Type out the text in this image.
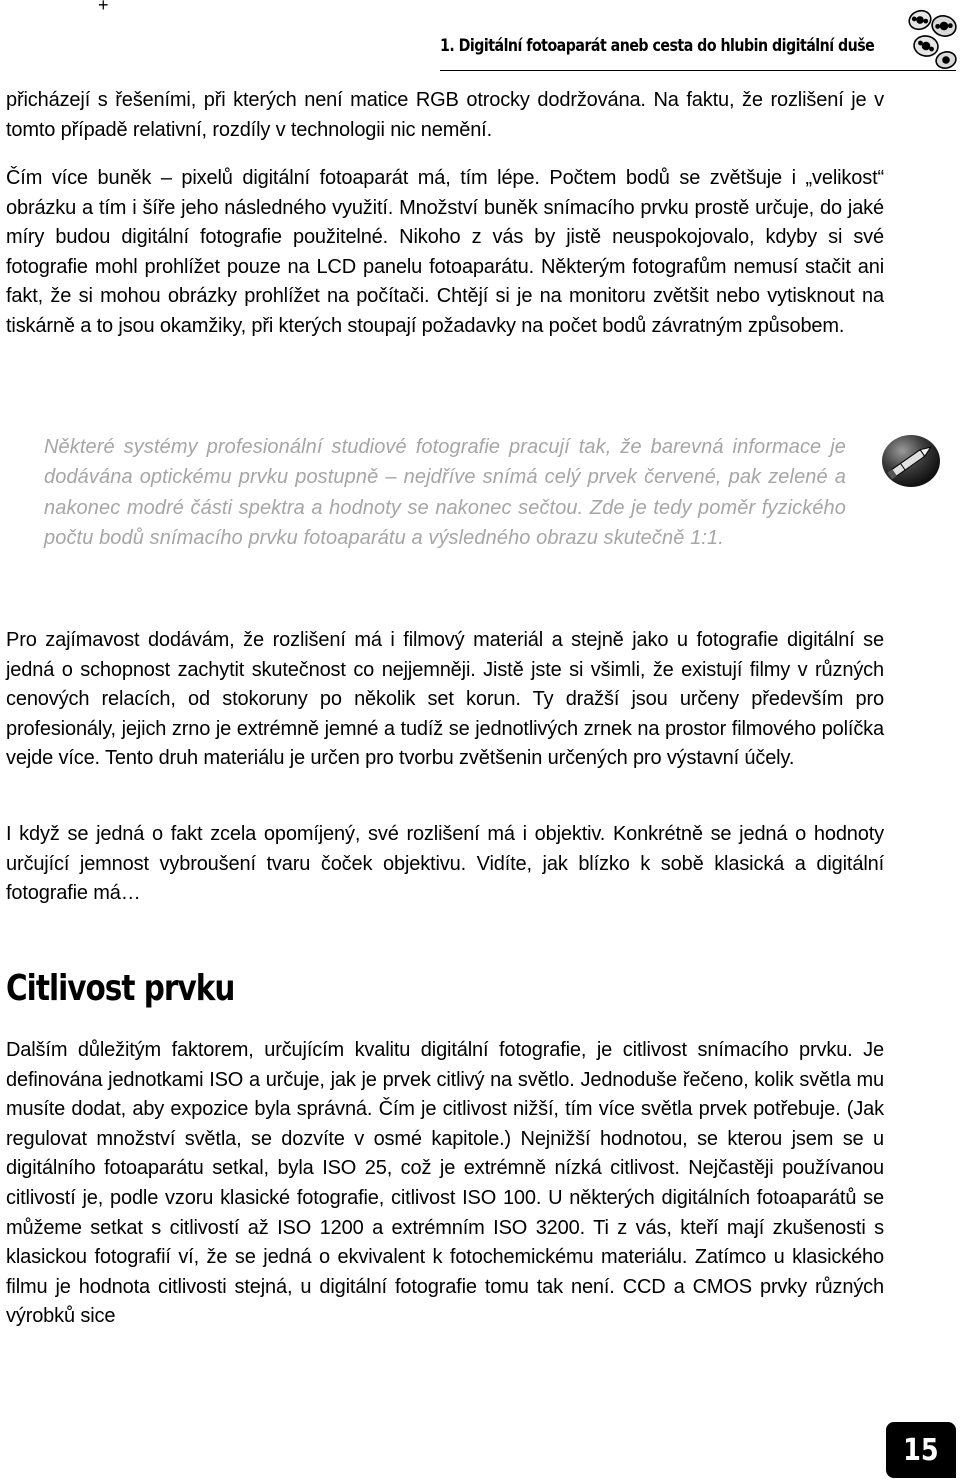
+
1. Digitální fotoaparát aneb cesta do hlubin digitální duše

přicházejí s řešeními, při kterých není matice RGB otrocky dodržována. Na faktu, že rozlišení je v tomto případě relativní, rozdíly v technologii nic nemění.

Čím více buněk – pixelů digitální fotoaparát má, tím lépe. Počtem bodů se zvětšuje i „velikost“ obrázku a tím i šíře jeho následného využití. Množství buněk snímacího prvku prostě určuje, do jaké míry budou digitální fotografie použitelné. Nikoho z vás by jistě neuspokojovalo, kdyby si své fotografie mohl prohlížet pouze na LCD panelu fotoaparátu. Některým fotografům nemusí stačit ani fakt, že si mohou obrázky prohlížet na počítači. Chtějí si je na monitoru zvětšit nebo vytisknout na tiskárně a to jsou okamžiky, při kterých stoupají požadavky na počet bodů závratným způsobem.

Některé systémy profesionální studiové fotografie pracují tak, že barevná informace je dodávána optickému prvku postupně – nejdříve snímá celý prvek červené, pak zelené a nakonec modré části spektra a hodnoty se nakonec sečtou. Zde je tedy poměr fyzického počtu bodů snímacího prvku fotoaparátu a výsledného obrazu skutečně 1:1.

Pro zajímavost dodávám, že rozlišení má i filmový materiál a stejně jako u fotografie digitální se jedná o schopnost zachytit skutečnost co nejjemněji. Jistě jste si všimli, že existují filmy v různých cenových relacích, od stokoruny po několik set korun. Ty dražší jsou určeny především pro profesionály, jejich zrno je extrémně jemné a tudíž se jednotlivých zrnek na prostor filmového políčka vejde více. Tento druh materiálu je určen pro tvorbu zvětšenin určených pro výstavní účely.

I když se jedná o fakt zcela opomíjený, své rozlišení má i objektiv. Konkrétně se jedná o hodnoty určující jemnost vybroušení tvaru čoček objektivu. Vidíte, jak blízko k sobě klasická a digitální fotografie má…

Citlivost prvku

Dalším důležitým faktorem, určujícím kvalitu digitální fotografie, je citlivost snímacího prvku. Je definována jednotkami ISO a určuje, jak je prvek citlivý na světlo. Jednoduše řečeno, kolik světla mu musíte dodat, aby expozice byla správná. Čím je citlivost nižší, tím více světla prvek potřebuje. (Jak regulovat množství světla, se dozvíte v osmé kapitole.) Nejnižší hodnotou, se kterou jsem se u digitálního fotoaparátu setkal, byla ISO 25, což je extrémně nízká citlivost. Nejčastěji používanou citlivostí je, podle vzoru klasické fotografie, citlivost ISO 100. U některých digitálních fotoaparátů se můžeme setkat s citlivostí až ISO 1200 a extrémním ISO 3200. Ti z vás, kteří mají zkušenosti s klasickou fotografií ví, že se jedná o ekvivalent k fotochemickému materiálu. Zatímco u klasického filmu je hodnota citlivosti stejná, u digitální fotografie tomu tak není. CCD a CMOS prvky různých výrobků sice

15
